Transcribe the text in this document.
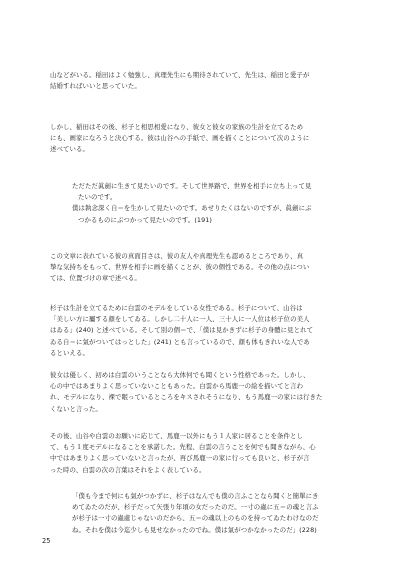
山などがいる。稲田はよく勉強し、真理先生にも期待されていて、先生は、稲田と愛子が
結婚すればいいと思っていた。
しかし、稲田はその後、杉子と相思相愛になり、彼女と彼女の家族の生計を立てるため
にも、画家になろうと決心する。彼は山谷への手紙で、画を描くことについて次のように
述べている。
ただただ眞劍に生きて見たいのです。そして世界路で、世界を相手に立ち上って見
たいのです。
僕は執念深く自＝を生かして見たいのです。あせりたくはないのですが、眞劍にぶ
つかるものにぶつかって見たいのです。(191)
この文章に表れている彼の真面目さは、彼の友人や真理先生も認めるところであり、真
摯な気持ちをもって、世界を相手に画を描くことが、彼の個性である。その他の点につい
ては、位置づけの章で述べる。
杉子は生計を立てるために白雲のモデルをしている女性である。杉子について、山谷は
「美しい方に屬する顔をしてゐる。しかし二十人に一人、三十人に一人位は杉子位の美人
はゐる」(240) と述べている。そして別の個＝で、「僕は見かきずに杉子の身體に見とれて
ゐる自＝に氣がついてはっとした」(241) とも言っているので、顔も体もきれいな人であ
るといえる。
彼女は優しく、初めは白雲のいうことなら大体何でも聞くという性格であった。しかし、
心の中ではあまりよく思っていないこともあった。白雲から馬鹿一の絵を描いてと言わ
れ、モデルになり、裸で眠っているところをキスされそうになり、もう馬鹿一の家には行きた
くないと言った。
その後、山谷や白雲のお願いに応じて、馬鹿一以外にもう１人家に居ることを条件とし
て、もう１度モデルになることを承諾した。先程、白雲の言うことを何でも聞きながら、心
中ではあまりよく思っていないと言ったが、再び馬鹿一の家に行っても良いと、杉子が言
った時の、白雲の次の言葉はそれをよく表している。
「僕も今まで何にも氣がつかずに、杉子はなんでも僕の言ふことなら聞くと簡單にき
めてゐたのだが、杉子だって矢張り年頃の女だったのだ。一寸の蟲に五＝の魂と言ふ
が杉子は一寸の蟲處じゃないのだから、五＝の魂以上のものを持ってゐたわけなのだ
ね。それを僕は今迄少しも見せなかったのでね。僕は氣がつかなかったのだ」(228)
25
